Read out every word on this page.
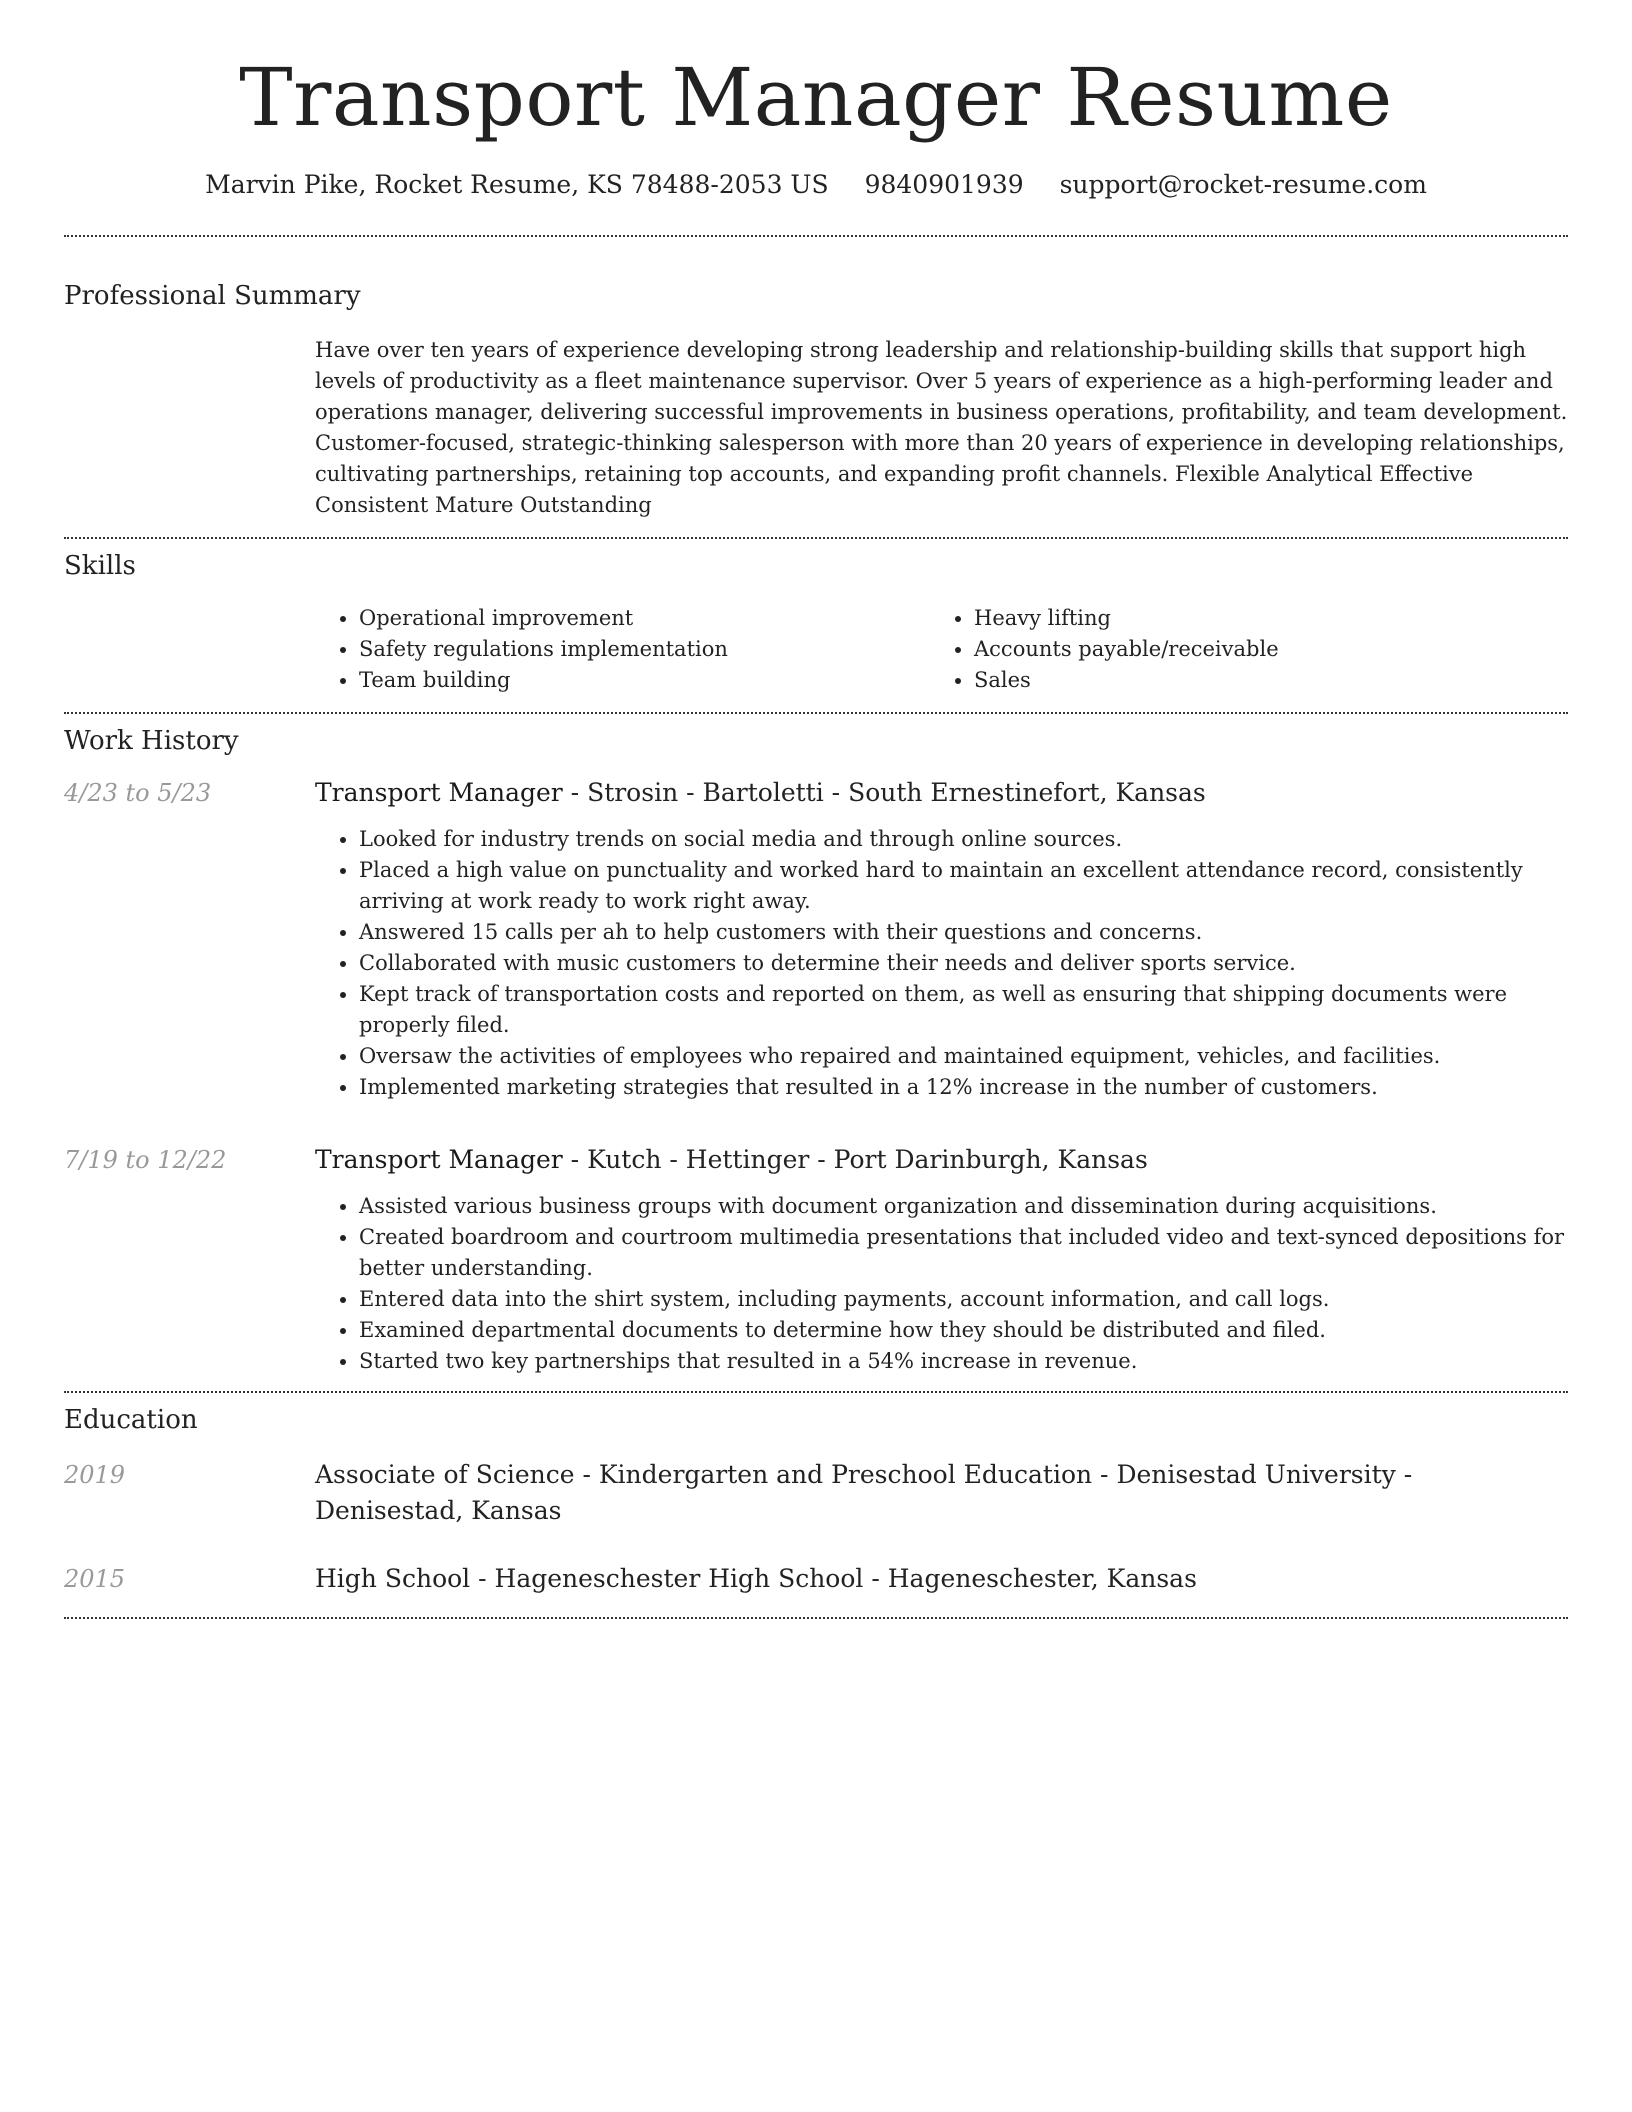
Transport Manager Resume
Marvin Pike, Rocket Resume, KS 78488-2053 US 9840901939 support@rocket-resume.com
Professional Summary

Have over ten years of experience developing strong leadership and relationship-building skills that support high levels of productivity as a fleet maintenance supervisor. Over 5 years of experience as a high-performing leader and operations manager, delivering successful improvements in business operations, profitability, and team development. Customer-focused, strategic-thinking salesperson with more than 20 years of experience in developing relationships, cultivating partnerships, retaining top accounts, and expanding profit channels. Flexible Analytical Effective Consistent Mature Outstanding

Skills
• Operational improvement
• Safety regulations implementation
• Team building
• Heavy lifting
• Accounts payable/receivable
• Sales
Work History
4/23 to 5/23	Transport Manager - Strosin - Bartoletti - South Ernestinefort, Kansas

• Looked for industry trends on social media and through online sources.
• Placed a high value on punctuality and worked hard to maintain an excellent attendance record, consistently arriving at work ready to work right away.
• Answered 15 calls per ah to help customers with their questions and concerns.
• Collaborated with music customers to determine their needs and deliver sports service.
• Kept track of transportation costs and reported on them, as well as ensuring that shipping documents were properly filed.
• Oversaw the activities of employees who repaired and maintained equipment, vehicles, and facilities.
• Implemented marketing strategies that resulted in a 12% increase in the number of customers.
7/19 to 12/22	Transport Manager - Kutch - Hettinger - Port Darinburgh, Kansas

• Assisted various business groups with document organization and dissemination during acquisitions.
• Created boardroom and courtroom multimedia presentations that included video and text-synced depositions for better understanding.
• Entered data into the shirt system, including payments, account information, and call logs.
• Examined departmental documents to determine how they should be distributed and filed.
• Started two key partnerships that resulted in a 54% increase in revenue.
Education
2019	Associate of Science - Kindergarten and Preschool Education - Denisestad University - Denisestad, Kansas

2015	High School - Hageneschester High School - Hageneschester, Kansas
